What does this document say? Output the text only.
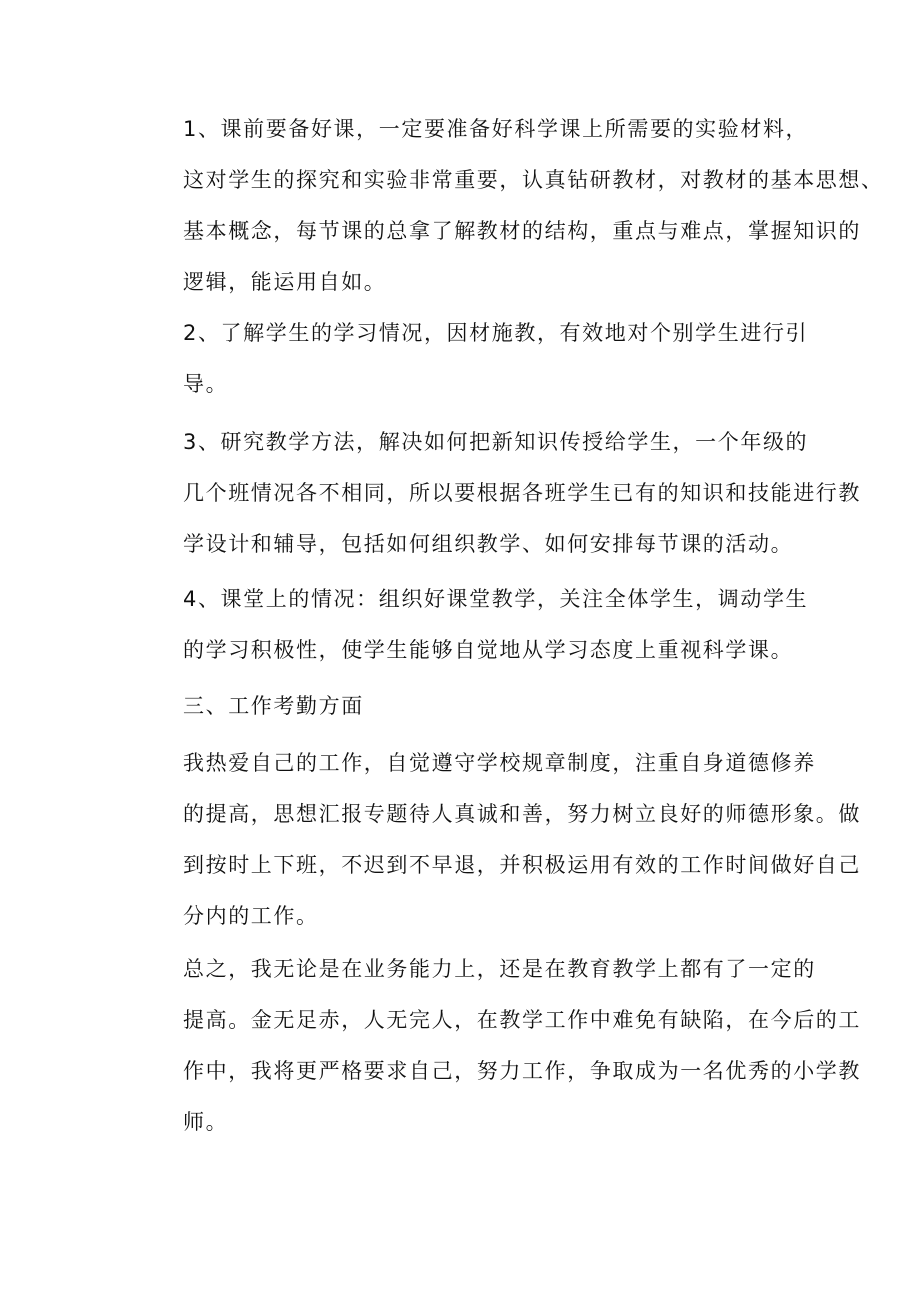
1、课前要备好课，一定要准备好科学课上所需要的实验材料，
这对学生的探究和实验非常重要，认真钻研教材，对教材的基本思想、
基本概念，每节课的总拿了解教材的结构，重点与难点，掌握知识的
逻辑，能运用自如。
2、了解学生的学习情况，因材施教，有效地对个别学生进行引
导。
3、研究教学方法，解决如何把新知识传授给学生，一个年级的
几个班情况各不相同，所以要根据各班学生已有的知识和技能进行教
学设计和辅导，包括如何组织教学、如何安排每节课的活动。
4、课堂上的情况：组织好课堂教学，关注全体学生，调动学生
的学习积极性，使学生能够自觉地从学习态度上重视科学课。
三、工作考勤方面
我热爱自己的工作，自觉遵守学校规章制度，注重自身道德修养
的提高，思想汇报专题待人真诚和善，努力树立良好的师德形象。做
到按时上下班，不迟到不早退，并积极运用有效的工作时间做好自己
分内的工作。
总之，我无论是在业务能力上，还是在教育教学上都有了一定的
提高。金无足赤，人无完人，在教学工作中难免有缺陷，在今后的工
作中，我将更严格要求自己，努力工作，争取成为一名优秀的小学教
师。
